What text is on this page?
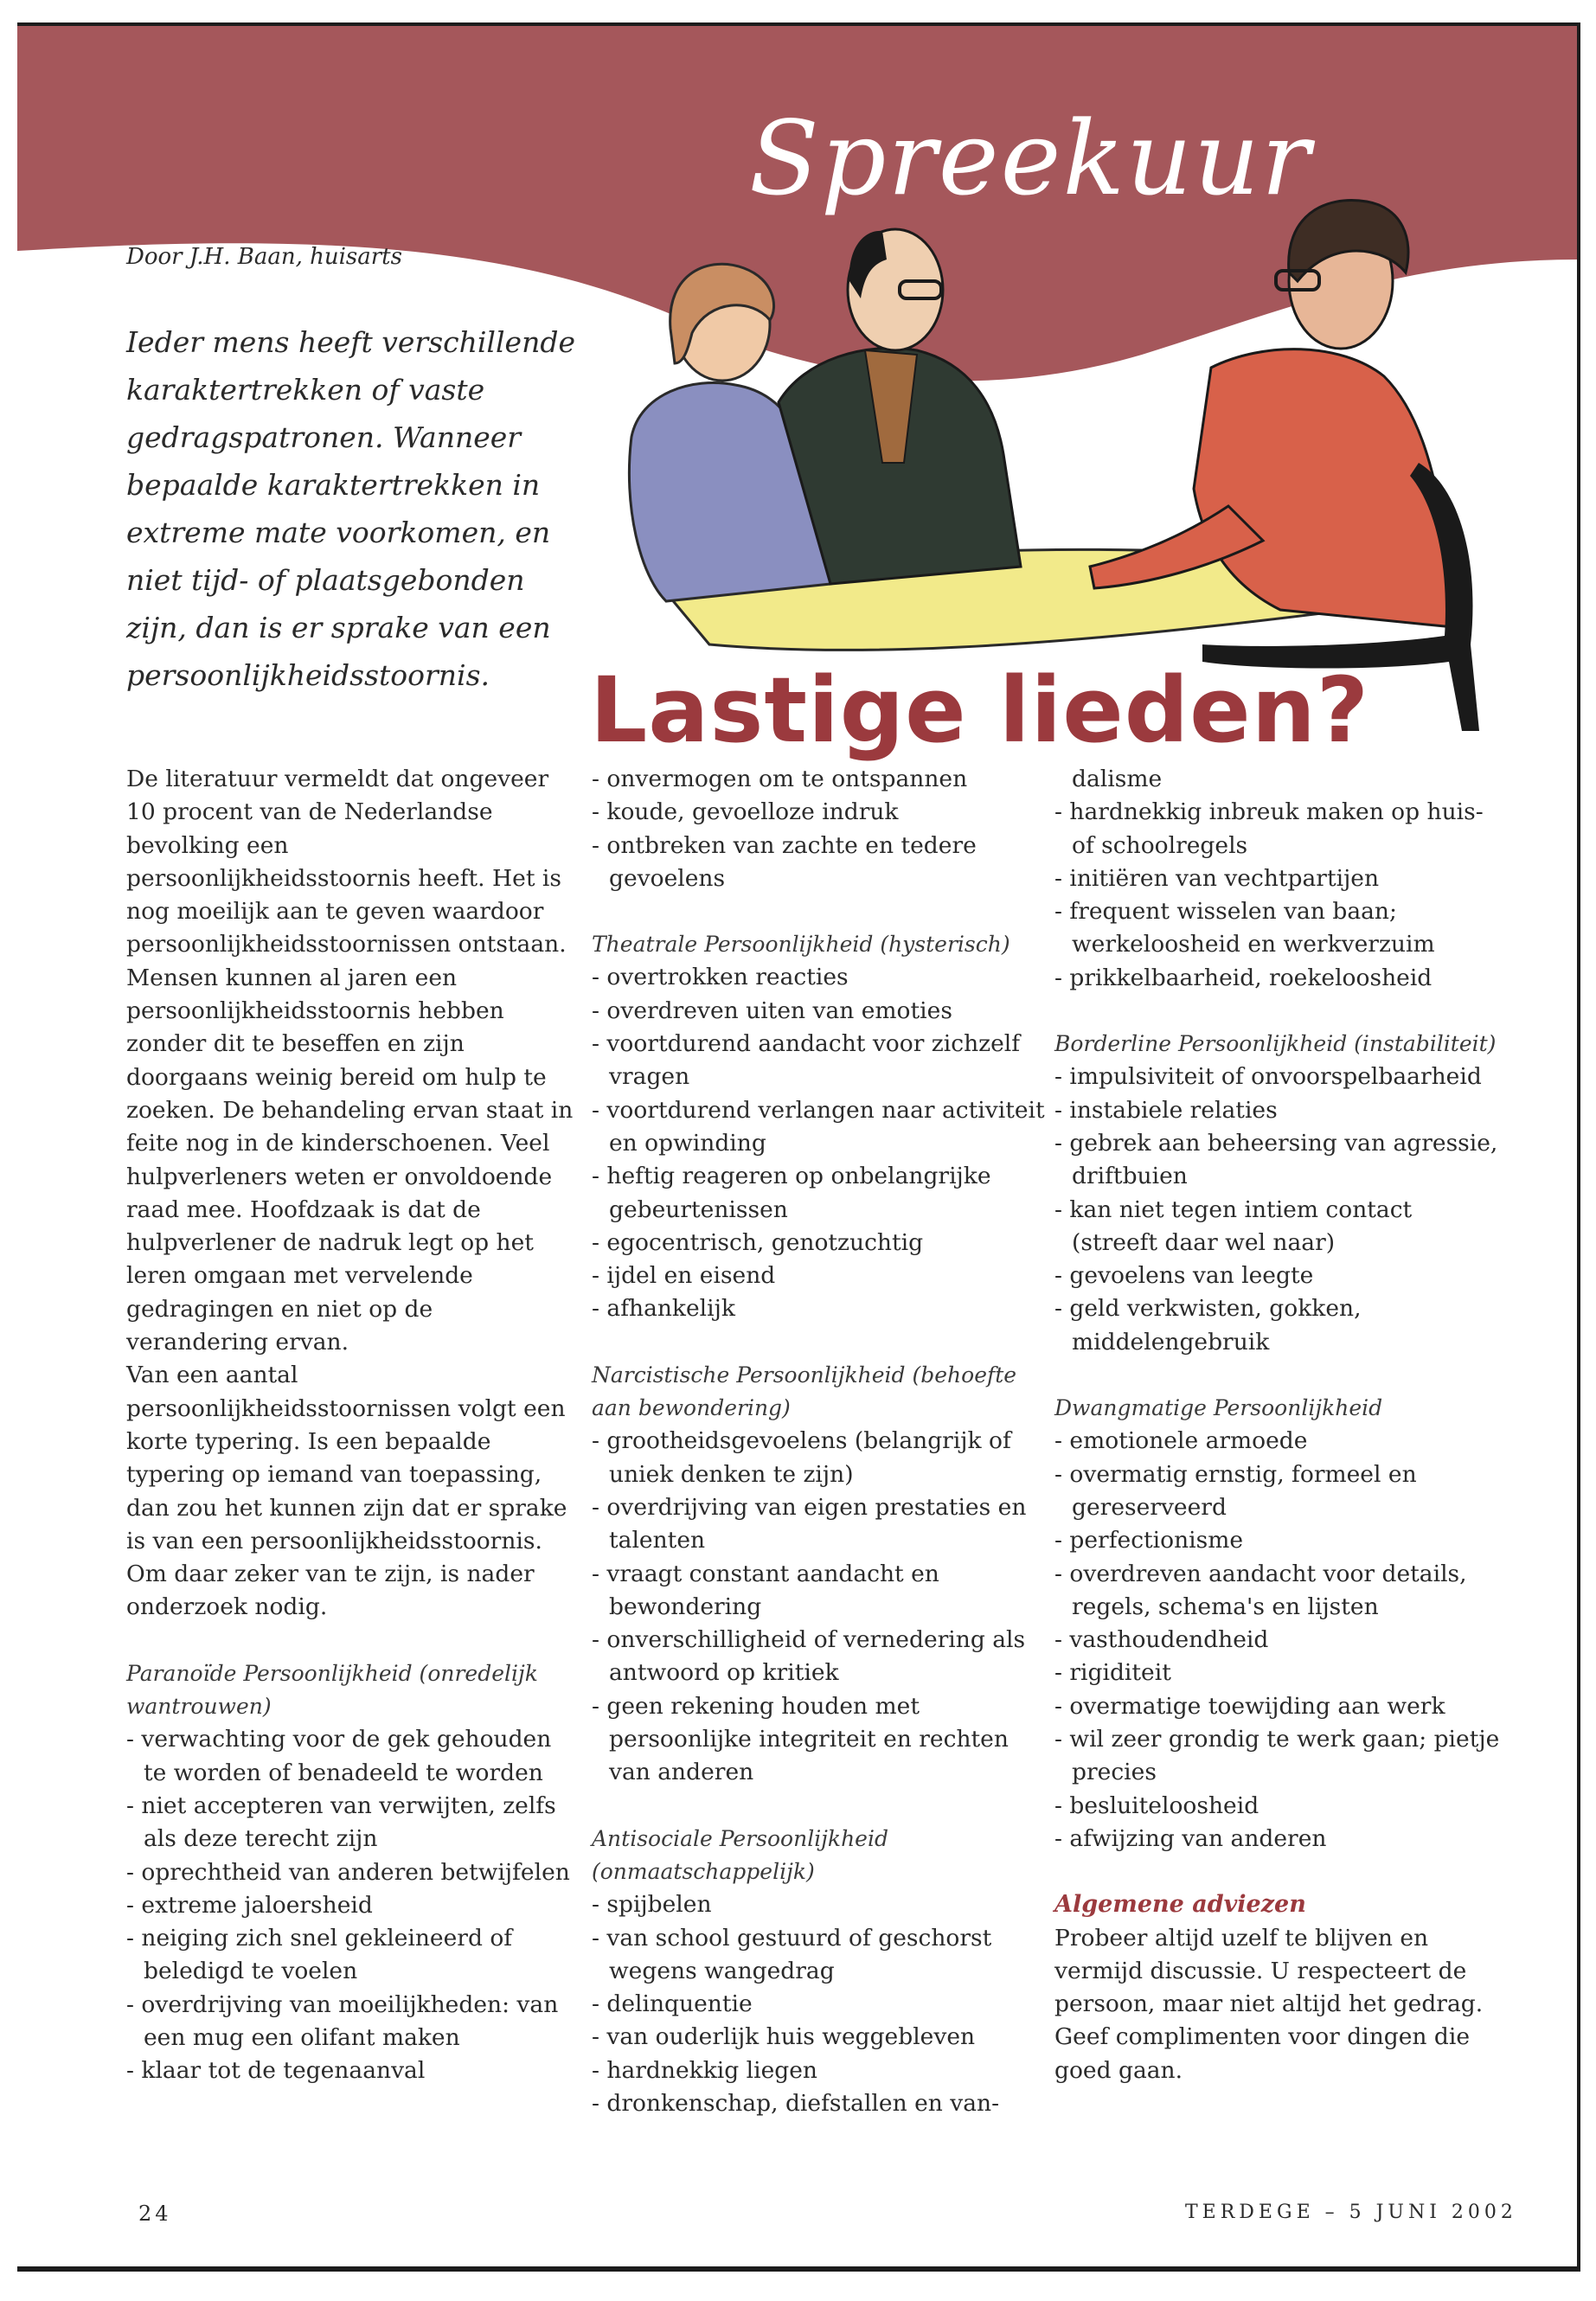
Spreekuur
Door J.H. Baan, huisarts
Ieder mens heeft verschillende karaktertrekken of vaste gedragspatronen. Wanneer bepaalde karaktertrekken in extreme mate voorkomen, en niet tijd- of plaatsgebonden zijn, dan is er sprake van een persoonlijkheidsstoornis.	Lastige lieden?

De literatuur vermeldt dat ongeveer 10 procent van de Nederlandse bevolking een persoonlijkheidsstoornis heeft. Het is nog moeilijk aan te geven waardoor persoonlijkheidsstoornissen ontstaan. Mensen kunnen al jaren een persoonlijkheidsstoornis hebben zonder dit te beseffen en zijn doorgaans weinig bereid om hulp te zoeken. De behandeling ervan staat in feite nog in de kinderschoenen. Veel hulpverleners weten er onvoldoende raad mee. Hoofdzaak is dat de hulpverlener de nadruk legt op het leren omgaan met vervelende gedragingen en niet op de verandering ervan.

Van een aantal persoonlijkheidsstoornissen volgt een korte typering. Is een bepaalde typering op iemand van toepassing, dan zou het kunnen zijn dat er sprake is van een persoonlijkheidsstoornis. Om daar zeker van te zijn, is nader onderzoek nodig.

Paranoïde Persoonlijkheid (onredelijk wantrouwen)
- verwachting voor de gek gehouden te worden of benadeeld te worden
- niet accepteren van verwijten, zelfs als deze terecht zijn
- oprechtheid van anderen betwijfelen
- extreme jaloersheid
- neiging zich snel gekleineerd of beledigd te voelen
- overdrijving van moeilijkheden: van een mug een olifant maken
- klaar tot de tegenaanval
- onvermogen om te ontspannen
- koude, gevoelloze indruk
- ontbreken van zachte en tedere gevoelens
Theatrale Persoonlijkheid (hysterisch)
- overtrokken reacties
- overdreven uiten van emoties
- voortdurend aandacht voor zichzelf vragen
- voortdurend verlangen naar activiteit en opwinding
- heftig reageren op onbelangrijke gebeurtenissen
- egocentrisch, genotzuchtig
- ijdel en eisend
- afhankelijk
Narcistische Persoonlijkheid (behoefte aan bewondering)
- grootheidsgevoelens (belangrijk of uniek denken te zijn)
- overdrijving van eigen prestaties en talenten
- vraagt constant aandacht en bewondering
- onverschilligheid of vernedering als antwoord op kritiek
- geen rekening houden met persoonlijke integriteit en rechten van anderen
Antisociale Persoonlijkheid (onmaatschappelijk)
- spijbelen
- van school gestuurd of geschorst wegens wangedrag
- delinquentie
- van ouderlijk huis weggebleven
- hardnekkig liegen
- dronkenschap, diefstallen en van-

dalisme

- hardnekkig inbreuk maken op huis- of schoolregels
- initiëren van vechtpartijen
- frequent wisselen van baan; werkeloosheid en werkverzuim
- prikkelbaarheid, roekeloosheid
Borderline Persoonlijkheid (instabiliteit)
- impulsiviteit of onvoorspelbaarheid
- instabiele relaties
- gebrek aan beheersing van agressie, driftbuien
- kan niet tegen intiem contact (streeft daar wel naar)
- gevoelens van leegte
- geld verkwisten, gokken, middelengebruik
Dwangmatige Persoonlijkheid
- emotionele armoede
- overmatig ernstig, formeel en gereserveerd
- perfectionisme
- overdreven aandacht voor details, regels, schema's en lijsten
- vasthoudendheid
- rigiditeit
- overmatige toewijding aan werk
- wil zeer grondig te werk gaan; pietje precies
- besluiteloosheid
- afwijzing van anderen
Algemene adviezen

Probeer altijd uzelf te blijven en vermijd discussie. U respecteert de persoon, maar niet altijd het gedrag. Geef complimenten voor dingen die goed gaan.

24	TERDEGE – 5 JUNI 2002
